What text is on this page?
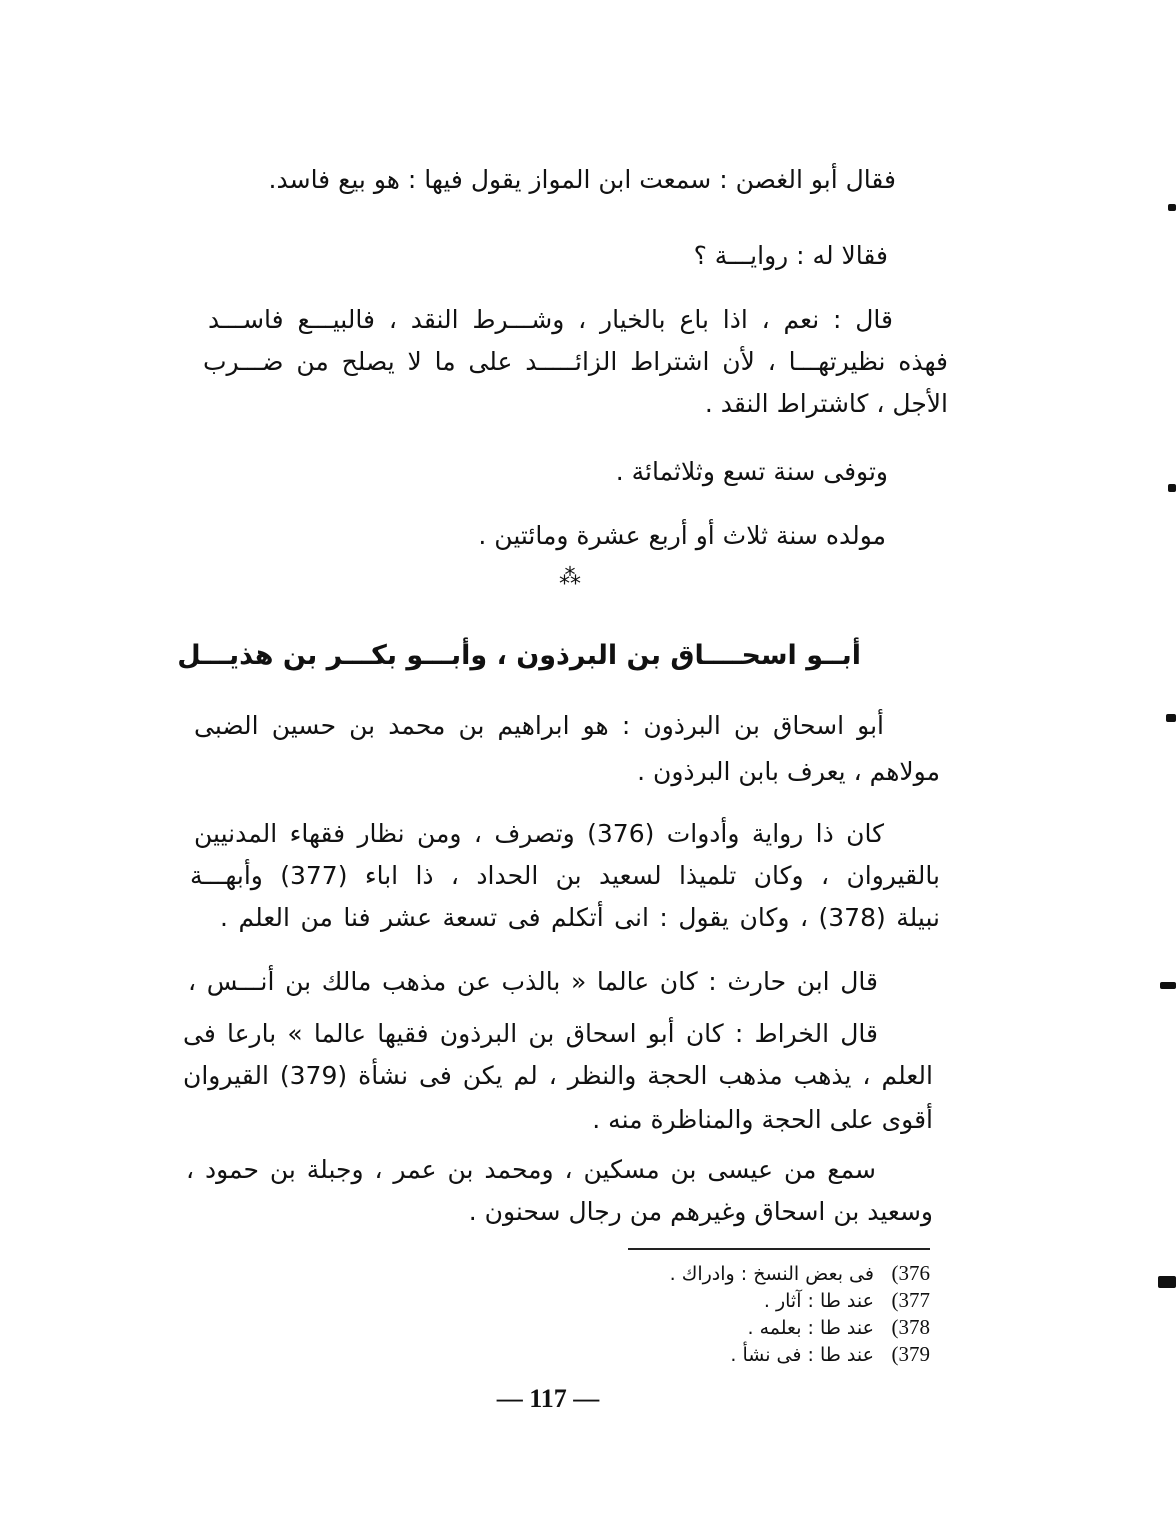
فقال أبو الغصن : سمعت ابن المواز يقول فيها : هو بيع فاسد.
فقالا له : روايـــة ؟
قال : نعم ، اذا باع بالخيار ، وشـــرط النقد ، فالبيـــع فاســـد
فهذه نظيرتهـــا ، لأن اشتراط الزائـــــد على ما لا يصلح من ضـــرب
الأجل ، كاشتراط النقد .
وتوفى سنة تسع وثلاثمائة .
مولده سنة ثلاث أو أربع عشرة ومائتين .
⁂
أبــو اسحــــاق بن البرذون ، وأبـــو بكـــر بن هذيـــل
أبو اسحاق بن البرذون : هو ابراهيم بن محمد بن حسين الضبى
مولاهم ، يعرف بابن البرذون .
كان ذا رواية وأدوات (376) وتصرف ، ومن نظار فقهاء المدنيين
بالقيروان ، وكان تلميذا لسعيد بن الحداد ، ذا اباء (377) وأبهـــة
نبيلة (378) ، وكان يقول : انى أتكلم فى تسعة عشر فنا من العلم .
قال ابن حارث : كان عالما « بالذب عن مذهب مالك بن أنـــس ،
قال الخراط : كان أبو اسحاق بن البرذون فقيها عالما » بارعا فى
العلم ، يذهب مذهب الحجة والنظر ، لم يكن فى نشأة (379) القيروان
أقوى على الحجة والمناظرة منه .
سمع من عيسى بن مسكين ، ومحمد بن عمر ، وجبلة بن حمود ،
وسعيد بن اسحاق وغيرهم من رجال سحنون .
376) فى بعض النسخ : وادراك .
377) عند طا : آثار .
378) عند طا : بعلمه .
379) عند طا : فى نشأ .
— 117 —
